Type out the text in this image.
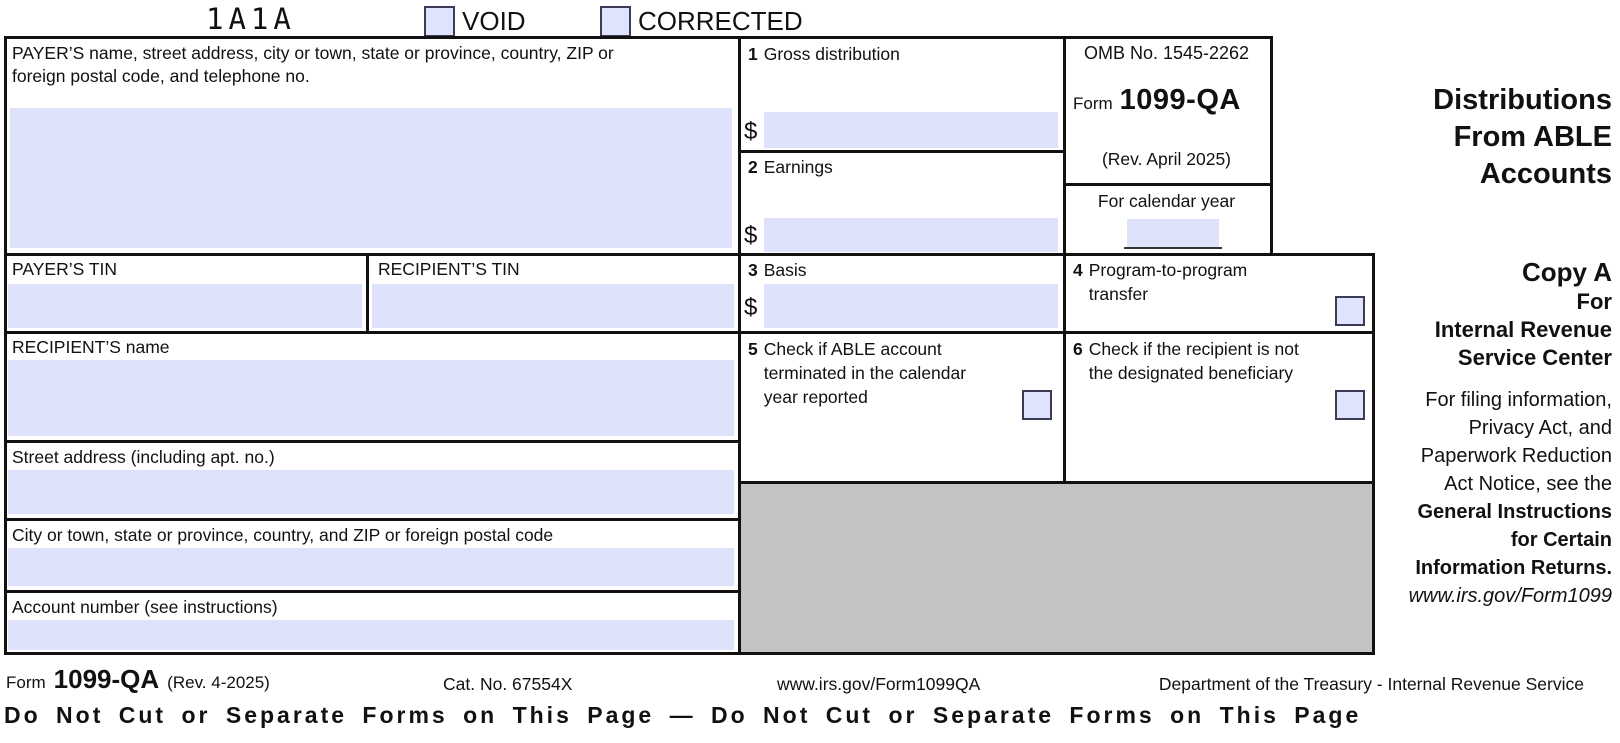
1A1A	VOID	CORRECTED
PAYER’S name, street address, city or town, state or province, country, ZIP or foreign postal code, and telephone no.
1 Gross distribution
$
2 Earnings
$
OMB No. 1545-2262
Form 1099-QA
(Rev. April 2025)
For calendar year
Distributions
From ABLE
Accounts
PAYER’S TIN	RECIPIENT’S TIN	3 Basis
$
4 Program-to-program transfer
RECIPIENT’S name	5 Check if ABLE account terminated in the calendar year reported
6 Check if the recipient is not the designated beneficiary
Street address (including apt. no.)
City or town, state or province, country, and ZIP or foreign postal code
Account number (see instructions)
Copy A
For
Internal Revenue
Service Center
For filing information,
Privacy Act, and
Paperwork Reduction
Act Notice, see the
General Instructions
for Certain
Information Returns.
www.irs.gov/Form1099
Form 1099-QA (Rev. 4-2025)	Cat. No. 67554X	www.irs.gov/Form1099QA	Department of the Treasury - Internal Revenue Service
Do Not Cut or Separate Forms on This Page — Do Not Cut or Separate Forms on This Page
